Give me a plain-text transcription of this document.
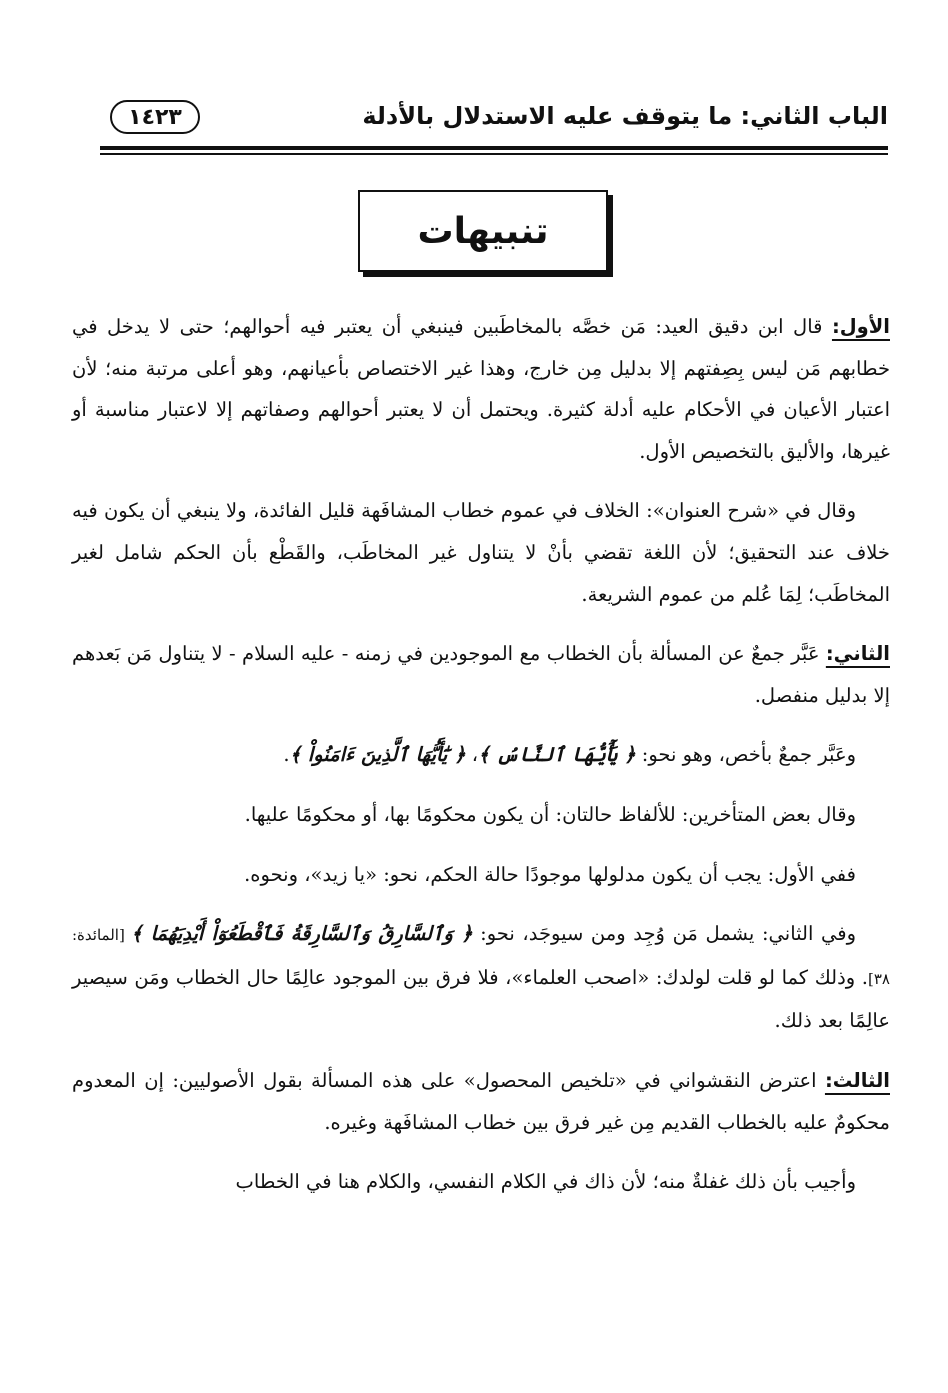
الباب الثاني: ما يتوقف عليه الاستدلال بالأدلة
١٤٢٣
تنبيهات

الأول: قال ابن دقيق العيد: مَن خصَّه بالمخاطَبين فينبغي أن يعتبر فيه أحوالهم؛ حتى لا يدخل في خطابهم مَن ليس بِصِفتهم إلا بدليل مِن خارج، وهذا غير الاختصاص بأعيانهم، وهو أعلى مرتبة منه؛ لأن اعتبار الأعيان في الأحكام عليه أدلة كثيرة. ويحتمل أن لا يعتبر أحوالهم وصفاتهم إلا لاعتبار مناسبة أو غيرها، والأليق بالتخصيص الأول.

وقال في «شرح العنوان»: الخلاف في عموم خطاب المشافَهة قليل الفائدة، ولا ينبغي أن يكون فيه خلاف عند التحقيق؛ لأن اللغة تقضي بأنْ لا يتناول غير المخاطَب، والقَطْع بأن الحكم شامل لغير المخاطَب؛ لِمَا عُلم من عموم الشريعة.

الثاني: عَبَّر جمعٌ عن المسألة بأن الخطاب مع الموجودين في زمنه - عليه السلام - لا يتناول مَن بَعدهم إلا بدليل منفصل.

وعَبَّر جمعٌ بأخص، وهو نحو: ﴿ يَٰٓأَيُّهَا ٱلنَّاسُ ﴾، ﴿ يَٰٓأَيُّهَا ٱلَّذِينَ ءَامَنُواْ ﴾.

وقال بعض المتأخرين: للألفاظ حالتان: أن يكون محكومًا بها، أو محكومًا عليها.

ففي الأول: يجب أن يكون مدلولها موجودًا حالة الحكم، نحو: «يا زيد»، ونحوه.

وفي الثاني: يشمل مَن وُجِد ومن سيوجَد، نحو: ﴿ وَٱلسَّارِقُ وَٱلسَّارِقَةُ فَٱقْطَعُوٓاْ أَيْدِيَهُمَا ﴾ [المائدة: ٣٨]. وذلك كما لو قلت لولدك: «اصحب العلماء»، فلا فرق بين الموجود عالِمًا حال الخطاب ومَن سيصير عالِمًا بعد ذلك.

الثالث: اعترض النقشواني في «تلخيص المحصول» على هذه المسألة بقول الأصوليين: إن المعدوم محكومٌ عليه بالخطاب القديم مِن غير فرق بين خطاب المشافَهة وغيره.

وأجيب بأن ذلك غفلةٌ منه؛ لأن ذاك في الكلام النفسي، والكلام هنا في الخطاب
